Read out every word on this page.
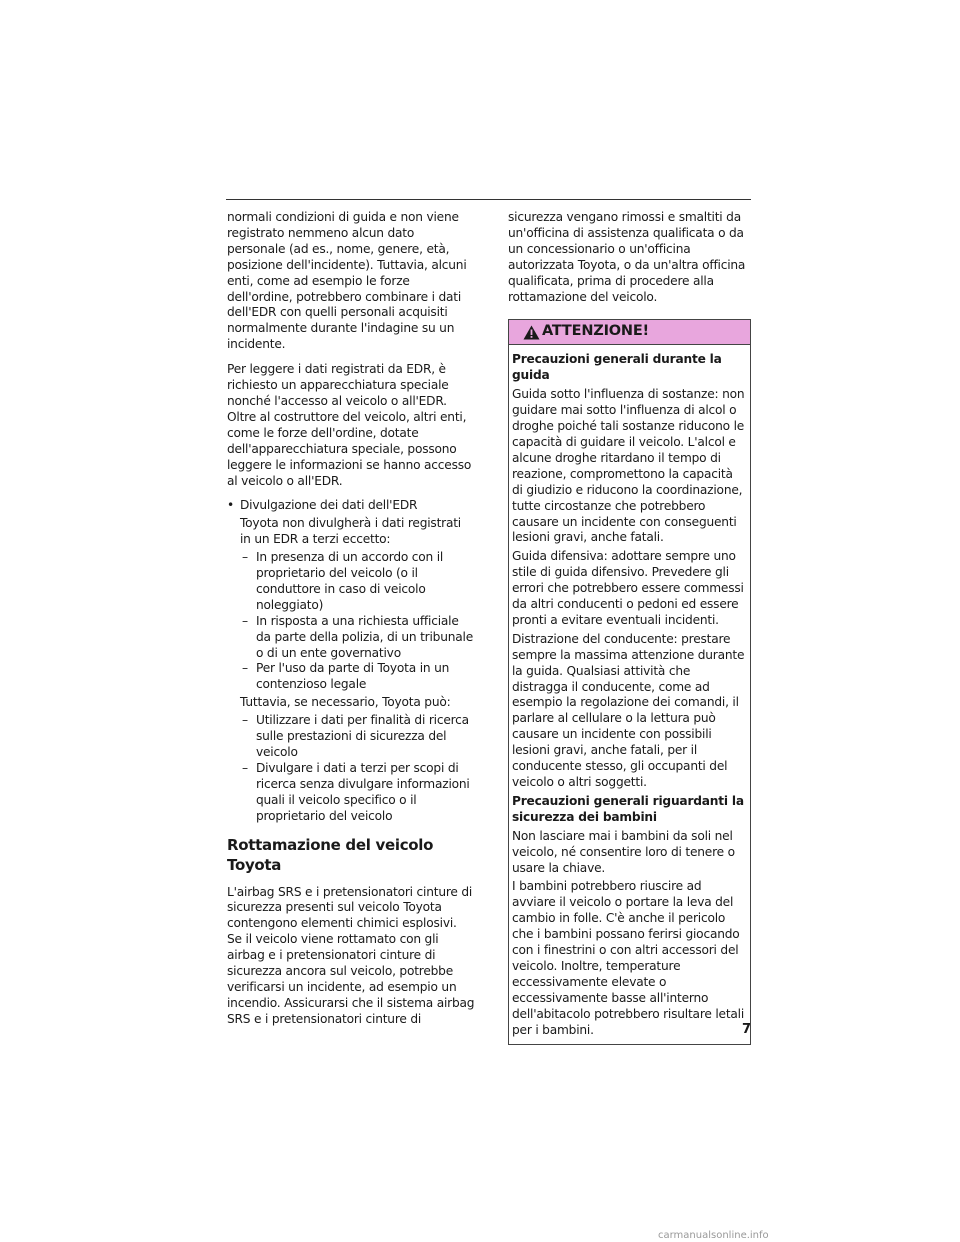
normali condizioni di guida e non viene registrato nemmeno alcun dato personale (ad es., nome, genere, età, posizione dell'incidente). Tuttavia, alcuni enti, come ad esempio le forze dell'ordine, potrebbero combinare i dati dell'EDR con quelli personali acquisiti normalmente durante l'indagine su un incidente.

Per leggere i dati registrati da EDR, è richiesto un apparecchiatura speciale nonché l'accesso al veicolo o all'EDR. Oltre al costruttore del veicolo, altri enti, come le forze dell'ordine, dotate dell'apparecchiatura speciale, possono leggere le informazioni se hanno accesso al veicolo o all'EDR.

• Divulgazione dei dati dell'EDR
Toyota non divulgherà i dati registrati in un EDR a terzi eccetto:
– In presenza di un accordo con il proprietario del veicolo (o il conduttore in caso di veicolo noleggiato)
– In risposta a una richiesta ufficiale da parte della polizia, di un tribunale o di un ente governativo
– Per l'uso da parte di Toyota in un contenzioso legale
Tuttavia, se necessario, Toyota può:
– Utilizzare i dati per finalità di ricerca sulle prestazioni di sicurezza del veicolo
– Divulgare i dati a terzi per scopi di ricerca senza divulgare informazioni quali il veicolo specifico o il proprietario del veicolo
Rottamazione del veicolo Toyota

L'airbag SRS e i pretensionatori cinture di sicurezza presenti sul veicolo Toyota contengono elementi chimici esplosivi. Se il veicolo viene rottamato con gli airbag e i pretensionatori cinture di sicurezza ancora sul veicolo, potrebbe verificarsi un incidente, ad esempio un incendio. Assicurarsi che il sistema airbag SRS e i pretensionatori cinture di

sicurezza vengano rimossi e smaltiti da un'officina di assistenza qualificata o da un concessionario o un'officina autorizzata Toyota, o da un'altra officina qualificata, prima di procedere alla rottamazione del veicolo.

ATTENZIONE!

Precauzioni generali durante la guida

Guida sotto l'influenza di sostanze: non guidare mai sotto l'influenza di alcol o droghe poiché tali sostanze riducono le capacità di guidare il veicolo. L'alcol e alcune droghe ritardano il tempo di reazione, compromettono la capacità di giudizio e riducono la coordinazione, tutte circostanze che potrebbero causare un incidente con conseguenti lesioni gravi, anche fatali.

Guida difensiva: adottare sempre uno stile di guida difensivo. Prevedere gli errori che potrebbero essere commessi da altri conducenti o pedoni ed essere pronti a evitare eventuali incidenti.

Distrazione del conducente: prestare sempre la massima attenzione durante la guida. Qualsiasi attività che distragga il conducente, come ad esempio la regolazione dei comandi, il parlare al cellulare o la lettura può causare un incidente con possibili lesioni gravi, anche fatali, per il conducente stesso, gli occupanti del veicolo o altri soggetti.

Precauzioni generali riguardanti la sicurezza dei bambini

Non lasciare mai i bambini da soli nel veicolo, né consentire loro di tenere o usare la chiave.

I bambini potrebbero riuscire ad avviare il veicolo o portare la leva del cambio in folle. C'è anche il pericolo che i bambini possano ferirsi giocando con i finestrini o con altri accessori del veicolo. Inoltre, temperature eccessivamente elevate o eccessivamente basse all'interno dell'abitacolo potrebbero risultare letali per i bambini.	7
carmanualsonline.info
